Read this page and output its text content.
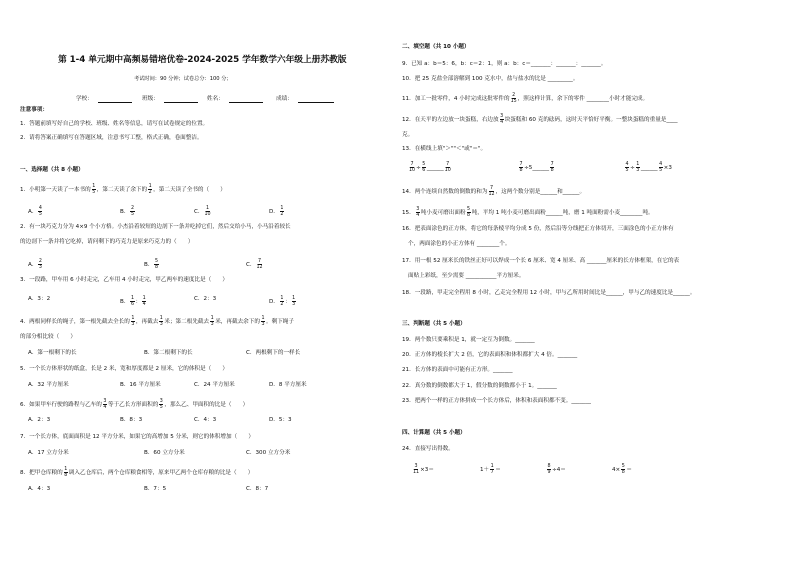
第 1-4 单元期中高频易错培优卷-2024-2025 学年数学六年级上册苏教版
考试时间：90 分钟；试卷总分：100 分；
学校：	班级：	姓名：	成绩：
注意事项：
1．答题前填写好自己的学校、班级、姓名等信息，请写在试卷规定的位置。
2．请将答案正确填写在答题区域，注意书写工整，格式正确，卷面整洁。
一、选择题（共 8 小题）
1．小明第一天读了一本书的 $\frac{1}{5}$ ，第二天读了余下的 $\frac{1}{2}$ ，第二天读了全书的（　　）
A． $\frac{4}{5}$	B． $\frac{2}{5}$	C． $\frac{1}{10}$	D． $\frac{1}{2}$
2．有一块巧克力分为 4×9 个小方格。小杰沿着较短的边剖下一条并吃掉它们，然后交给小马，小马沿着较长
的边剖下一条并将它吃掉，请问剩下的巧克力是原来巧克力的（　　）
A． $\frac{2}{3}$	B． $\frac{5}{8}$	C． $\frac{7}{12}$
3．一段路，甲车用 6 小时走完，乙车用 4 小时走完，甲乙两车的速度比是（　　）
A．3：2	B． $\frac{1}{6}$ ： $\frac{1}{4}$	C．2：3	D． $\frac{1}{2}$ ： $\frac{1}{3}$
4．两根同样长的绳子，第一根先截去全长的 $\frac{1}{3}$ ，再截去 $\frac{1}{3}$ 米；第二根先截去 $\frac{1}{3}$ 米，再截去余下的 $\frac{1}{3}$ 。剩下绳子
的部分相比较（　　）
A．第一根剩下的长	B．第二根剩下的长	C．两根剩下的一样长
5．一个长方体形状的纸盒，长是 2 米，宽和厚度都是 2 厘米，它的体积是（　　）
A．32 平方厘米	B．16 平方厘米	C．24 平方厘米	D．8 平方厘米
6．如果甲车行驶的路程与乙车的 $\frac{3}{4}$ 等于乙长方形面积的 $\frac{3}{5}$ ，那么乙、甲面积的比是（　　）
A．2：3	B．8：3	C．4：3	D．5：3
7．一个长方体，底面面积是 12 平方分米，如果它的高增加 5 分米，则它的体积增加（　　）
A．17 立方分米	B．60 立方分米	C．300 立方分米
8．把甲仓库粮的 $\frac{1}{8}$ 调入乙仓库后，两个仓库粮食相等，原来甲乙两个仓库存粮的比是（　　）
A．4：3	B．7：5	C．8：7
二、填空题（共 10 小题）
9．已知 a：b＝5：6，b：c＝2：1，则 a：b：c＝_______：_______：_______。
10．把 25 克盐全部溶解到 100 克水中，盐与盐水的比是 _________。
11．加工一批零件，4 小时完成这批零件的 $\frac{2}{15}$ ，照这样计算，余下的零件 ________小时才能完成。
12．在天平的左边放一块蛋糕，右边放 $\frac{3}{4}$ 块蛋糕和 60 克的砝码，这时天平恰好平衡。一整块蛋糕的重量是____
克。
13．在横线上填"＞""＜"或"＝"。
$\frac{7}{10} \div \frac{5}{6}$ ______ $\frac{7}{10}$	$\frac{7}{8}$ ÷5______ $\frac{7}{8}$	$\frac{4}{5} \div \frac{1}{3}$ ______ $\frac{4}{5} \times 3$
14．两个连续自然数的倒数的和为 $\frac{7}{12}$ ，这两个数分别是______和______。
15． $\frac{3}{4}$ 吨小麦可磨出面粉 $\frac{5}{8}$ 吨，平均 1 吨小麦可磨出面粉______吨，磨 1 吨面粉需小麦________吨。
16．把表面涂色的正方体，将它的每条棱平均分成 5 份，然后沿等分线把正方体切开，三面涂色的小正方体有
个，两面涂色的小正方体有 ________个。
17．用一根 52 厘米长的铁丝正好可以焊成一个长 6 厘米、宽 4 厘米、高 _______厘米的长方体框架，在它的表
面贴上彩纸，至少需要 ___________平方厘米。
18．一段路，甲走完全程用 8 小时，乙走完全程用 12 小时，甲与乙所用时间比是______，甲与乙的速度比是______。
三、判断题（共 5 小题）
19．两个数只要乘积是 1，就一定互为倒数。_______
20．正方体的棱长扩大 2 倍，它的表面积和体积都扩大 4 倍。_______
21．长方体的表面中可能有正方形。_______
22．真分数的倒数都大于 1，假分数的倒数都小于 1。_______
23．把两个一样的正方体拼成一个长方体后，体积和表面积都不变。_______
四、计算题（共 5 小题）
24．直接写出得数。
$\frac{3}{11} \times 3=$	$1+ \frac{1}{7}$ ＝	$\frac{8}{9} \div 4=$	$4\times \frac{5}{8}$ ＝
